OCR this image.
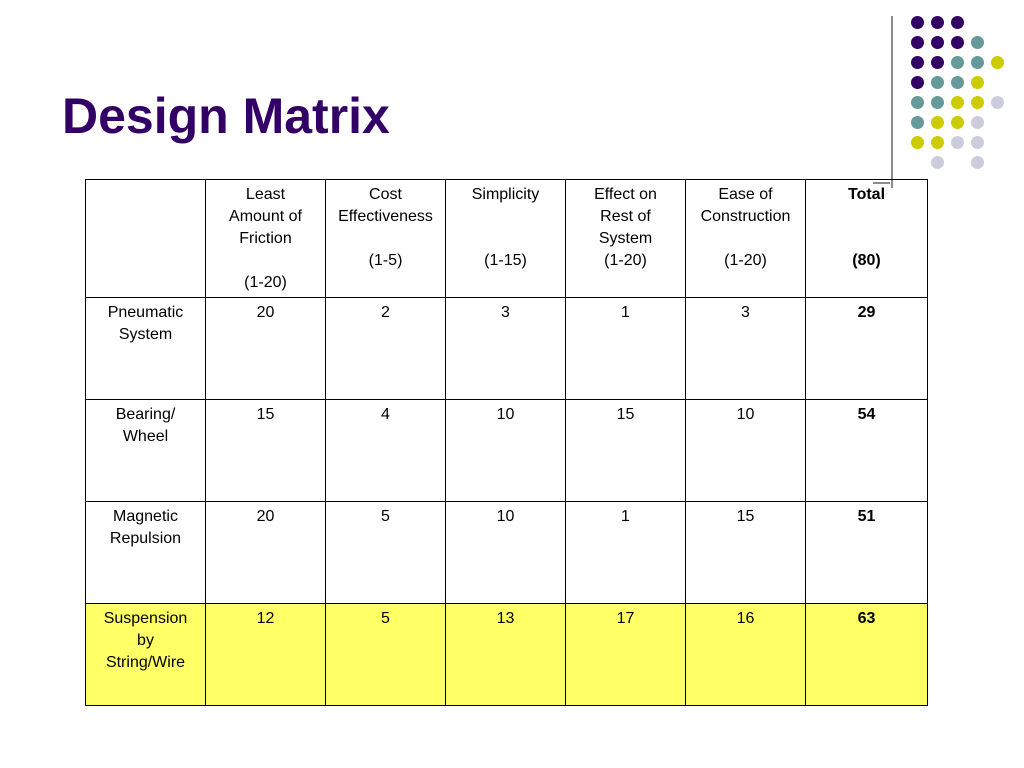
Design Matrix

	Least
Amount of
Friction
(1-20)	Cost
Effectiveness
(1-5)	Simplicity
(1-15)	Effect on
Rest of
System
(1-20)	Ease of
Construction
(1-20)	Total
(80)

Pneumatic
System	20	2	3	1	3	29

Bearing/
Wheel	15	4	10	15	10	54

Magnetic
Repulsion	20	5	10	1	15	51

Suspension
by
String/Wire	12	5	13	17	16	63
